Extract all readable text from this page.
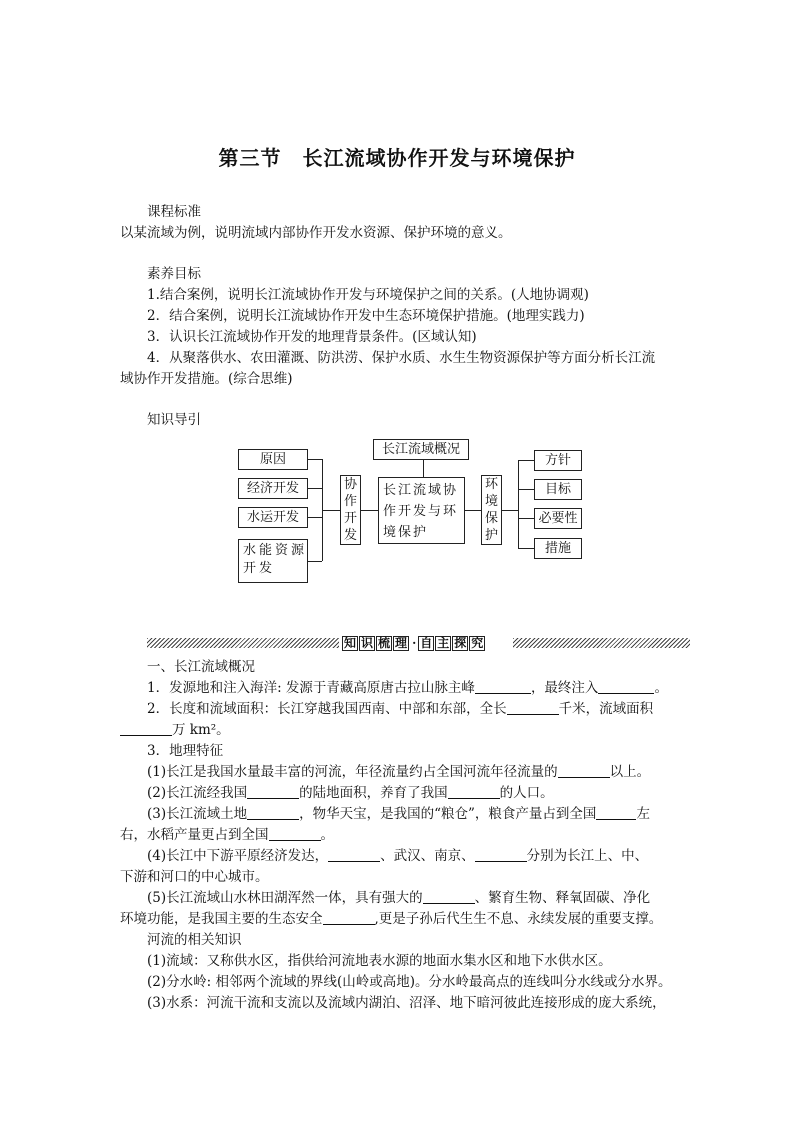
第三节　长江流域协作开发与环境保护
课程标准
以某流域为例，说明流域内部协作开发水资源、保护环境的意义。
素养目标
1.结合案例，说明长江流域协作开发与环境保护之间的关系。(人地协调观)
2．结合案例，说明长江流域协作开发中生态环境保护措施。(地理实践力)
3．认识长江流域协作开发的地理背景条件。(区域认知)
4．从聚落供水、农田灌溉、防洪涝、保护水质、水生生物资源保护等方面分析长江流
域协作开发措施。(综合思维)
知识导引
原因
经济开发
水运开发
水能资源
开发
协
作
开
发
长江流域概况
长江流域协
作开发与环
境保护
环
境
保
护
方针
目标
必要性
措施
知 识 梳 理 · 自 主 探 究
一、长江流域概况
1．发源地和注入海洋: 发源于青藏高原唐古拉山脉主峰	，最终注入	。
2．长度和流域面积：长江穿越我国西南、中部和东部，全长	千米，流域面积
万 km²。
3．地理特征
(1)长江是我国水量最丰富的河流，年径流量约占全国河流年径流量的	以上。
(2)长江流经我国	的陆地面积，养育了我国	的人口。
(3)长江流域土地	，物华天宝，是我国的“粮仓”，粮食产量占到全国	左
右，水稻产量更占到全国	。
(4)长江中下游平原经济发达，	、武汉、南京、	分别为长江上、中、
下游和河口的中心城市。
(5)长江流域山水林田湖浑然一体，具有强大的	、繁育生物、释氧固碳、净化
环境功能，是我国主要的生态安全	,更是子孙后代生生不息、永续发展的重要支撑。
河流的相关知识
(1)流域：又称供水区，指供给河流地表水源的地面水集水区和地下水供水区。
(2)分水岭: 相邻两个流域的界线(山岭或高地)。分水岭最高点的连线叫分水线或分水界。
(3)水系：河流干流和支流以及流域内湖泊、沼泽、地下暗河彼此连接形成的庞大系统，
